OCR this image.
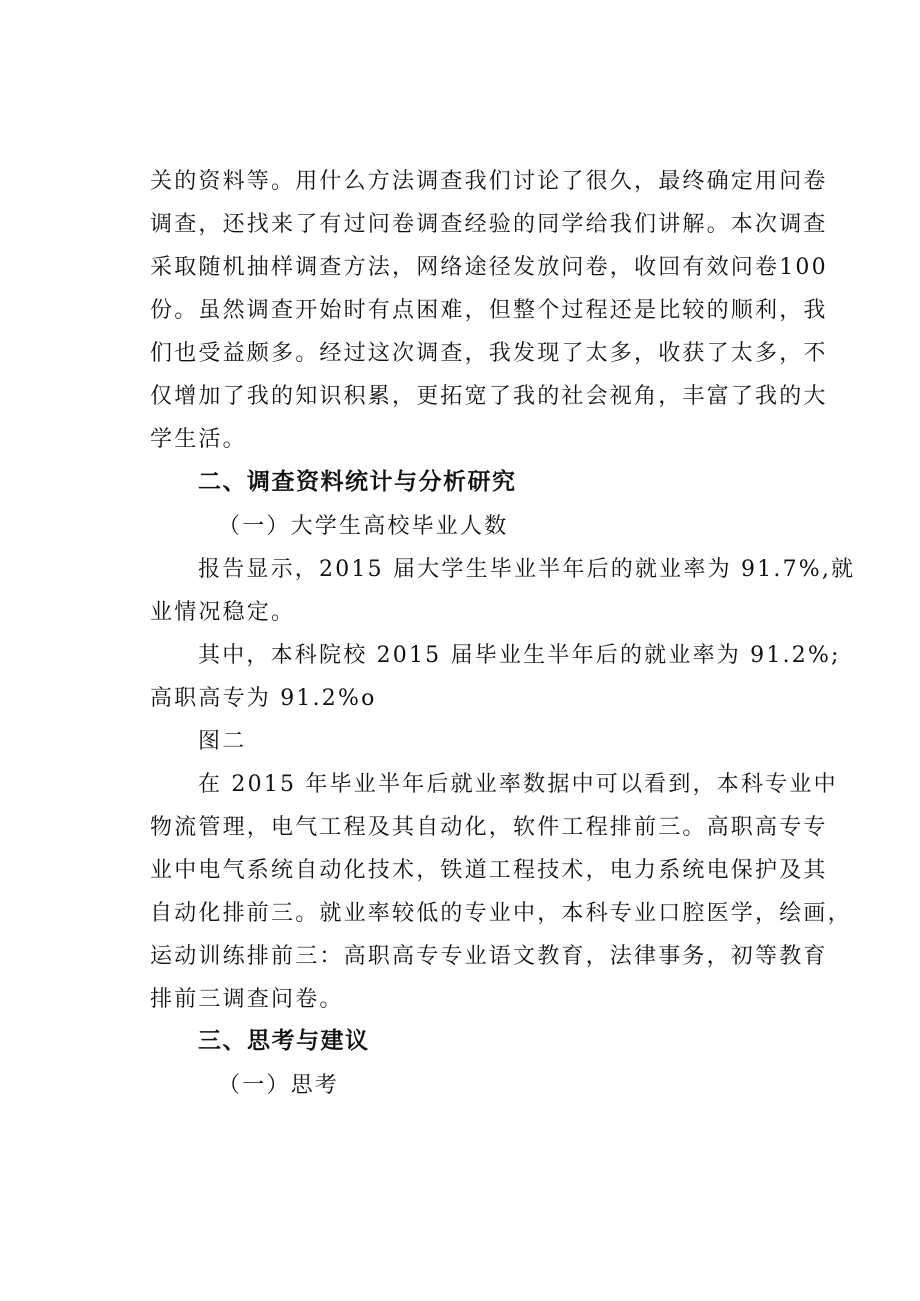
关的资料等。用什么方法调查我们讨论了很久，最终确定用问卷
调查，还找来了有过问卷调查经验的同学给我们讲解。本次调查
采取随机抽样调查方法，网络途径发放问卷，收回有效问卷100
份。虽然调查开始时有点困难，但整个过程还是比较的顺利，我
们也受益颇多。经过这次调查，我发现了太多，收获了太多，不
仅增加了我的知识积累，更拓宽了我的社会视角，丰富了我的大
学生活。
二、调查资料统计与分析研究
（一）大学生高校毕业人数
报告显示，2015 届大学生毕业半年后的就业率为 91.7%,就
业情况稳定。
其中，本科院校 2015 届毕业生半年后的就业率为 91.2%;
高职高专为 91.2%o
图二
在 2015 年毕业半年后就业率数据中可以看到，本科专业中
物流管理，电气工程及其自动化，软件工程排前三。高职高专专
业中电气系统自动化技术，铁道工程技术，电力系统电保护及其
自动化排前三。就业率较低的专业中，本科专业口腔医学，绘画，
运动训练排前三：高职高专专业语文教育，法律事务，初等教育
排前三调查问卷。
三、思考与建议
（一）思考
